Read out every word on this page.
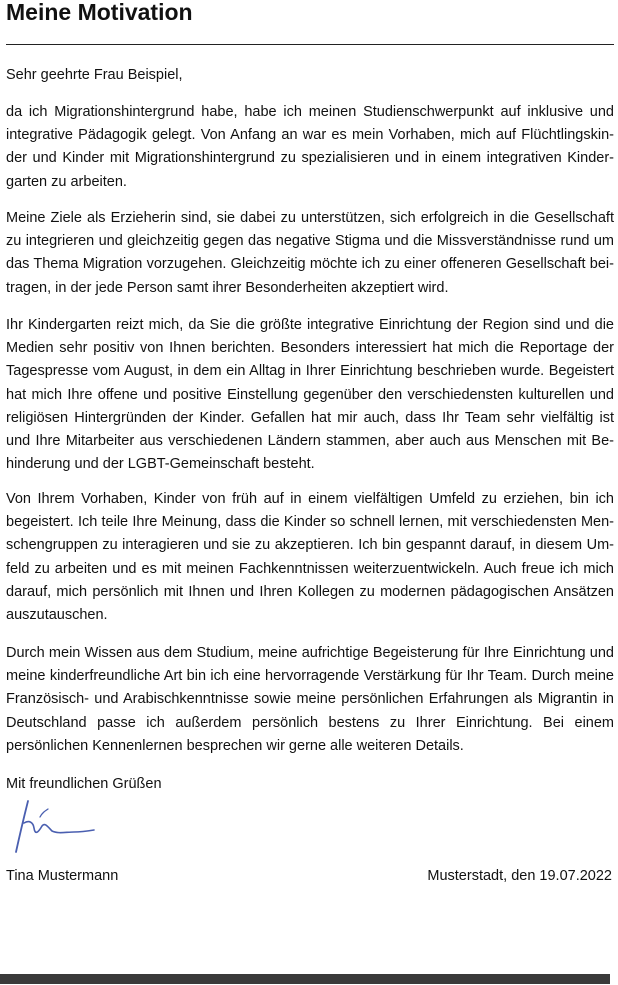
Meine Motivation

Sehr geehrte Frau Beispiel,

da ich Migrationshintergrund habe, habe ich meinen Studienschwerpunkt auf inklusive und integrative Pädagogik gelegt. Von Anfang an war es mein Vorhaben, mich auf Flüchtlingskinder und Kinder mit Migrationshintergrund zu spezialisieren und in einem integrativen Kindergarten zu arbeiten.

Meine Ziele als Erzieherin sind, sie dabei zu unterstützen, sich erfolgreich in die Gesellschaft zu integrieren und gleichzeitig gegen das negative Stigma und die Missverständnisse rund um das Thema Migration vorzugehen. Gleichzeitig möchte ich zu einer offeneren Gesellschaft beitragen, in der jede Person samt ihrer Besonderheiten akzeptiert wird.

Ihr Kindergarten reizt mich, da Sie die größte integrative Einrichtung der Region sind und die Medien sehr positiv von Ihnen berichten. Besonders interessiert hat mich die Reportage der Tagespresse vom August, in dem ein Alltag in Ihrer Einrichtung beschrieben wurde. Begeistert hat mich Ihre offene und positive Einstellung gegenüber den verschiedensten kulturellen und religiösen Hintergründen der Kinder. Gefallen hat mir auch, dass Ihr Team sehr vielfältig ist und Ihre Mitarbeiter aus verschiedenen Ländern stammen, aber auch aus Menschen mit Behinderung und der LGBT-Gemeinschaft besteht.

Von Ihrem Vorhaben, Kinder von früh auf in einem vielfältigen Umfeld zu erziehen, bin ich begeistert. Ich teile Ihre Meinung, dass die Kinder so schnell lernen, mit verschiedensten Menschengruppen zu interagieren und sie zu akzeptieren. Ich bin gespannt darauf, in diesem Umfeld zu arbeiten und es mit meinen Fachkenntnissen weiterzuentwickeln. Auch freue ich mich darauf, mich persönlich mit Ihnen und Ihren Kollegen zu modernen pädagogischen Ansätzen auszutauschen.

Durch mein Wissen aus dem Studium, meine aufrichtige Begeisterung für Ihre Einrichtung und meine kinderfreundliche Art bin ich eine hervorragende Verstärkung für Ihr Team. Durch meine Französisch- und Arabischkenntnisse sowie meine persönlichen Erfahrungen als Migrantin in Deutschland passe ich außerdem persönlich bestens zu Ihrer Einrichtung. Bei einem persönlichen Kennenlernen besprechen wir gerne alle weiteren Details.

Mit freundlichen Grüßen

Tina Mustermann	Musterstadt, den 19.07.2022
